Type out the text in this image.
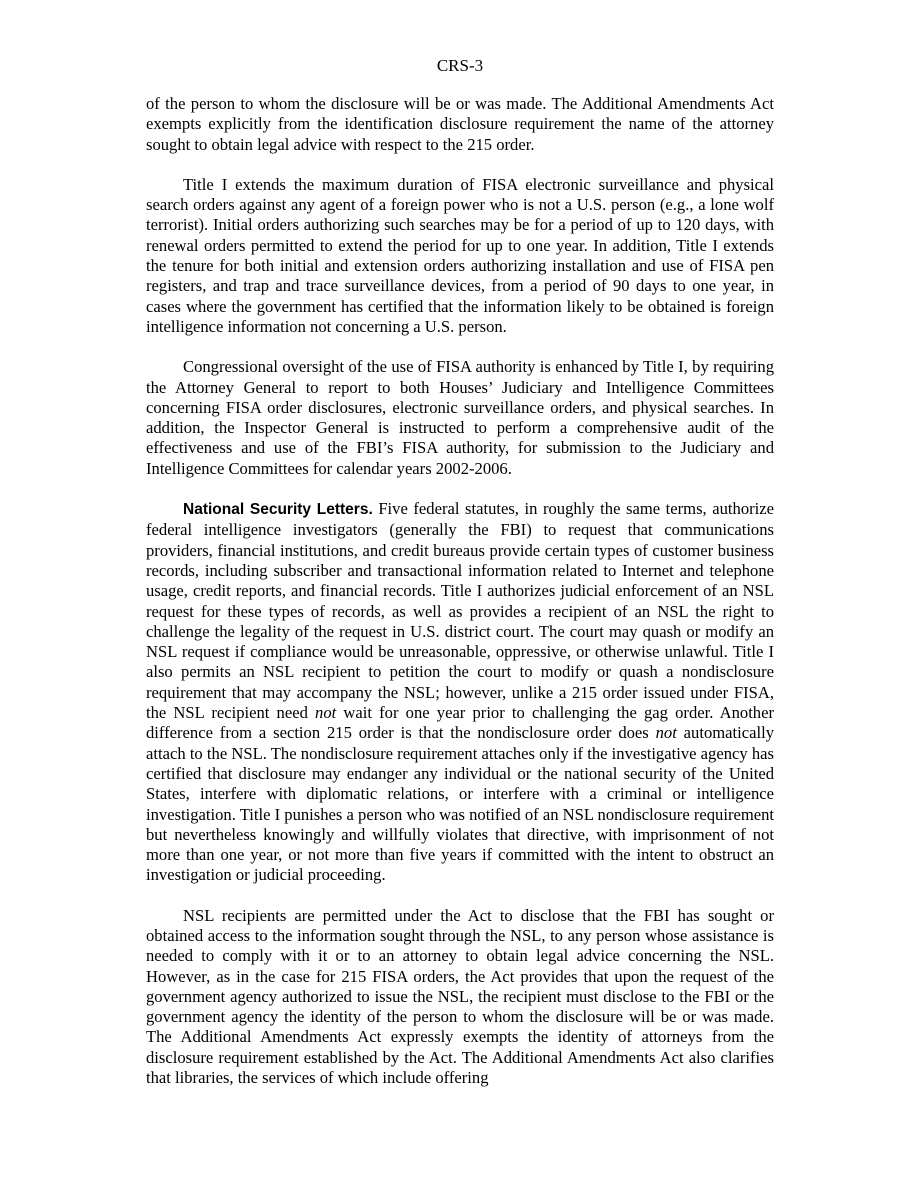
CRS-3

of the person to whom the disclosure will be or was made. The Additional Amendments Act exempts explicitly from the identification disclosure requirement the name of the attorney sought to obtain legal advice with respect to the 215 order.

Title I extends the maximum duration of FISA electronic surveillance and physical search orders against any agent of a foreign power who is not a U.S. person (e.g., a lone wolf terrorist). Initial orders authorizing such searches may be for a period of up to 120 days, with renewal orders permitted to extend the period for up to one year. In addition, Title I extends the tenure for both initial and extension orders authorizing installation and use of FISA pen registers, and trap and trace surveillance devices, from a period of 90 days to one year, in cases where the government has certified that the information likely to be obtained is foreign intelligence information not concerning a U.S. person.

Congressional oversight of the use of FISA authority is enhanced by Title I, by requiring the Attorney General to report to both Houses’ Judiciary and Intelligence Committees concerning FISA order disclosures, electronic surveillance orders, and physical searches. In addition, the Inspector General is instructed to perform a comprehensive audit of the effectiveness and use of the FBI’s FISA authority, for submission to the Judiciary and Intelligence Committees for calendar years 2002-2006.

National Security Letters. Five federal statutes, in roughly the same terms, authorize federal intelligence investigators (generally the FBI) to request that communications providers, financial institutions, and credit bureaus provide certain types of customer business records, including subscriber and transactional information related to Internet and telephone usage, credit reports, and financial records. Title I authorizes judicial enforcement of an NSL request for these types of records, as well as provides a recipient of an NSL the right to challenge the legality of the request in U.S. district court. The court may quash or modify an NSL request if compliance would be unreasonable, oppressive, or otherwise unlawful. Title I also permits an NSL recipient to petition the court to modify or quash a nondisclosure requirement that may accompany the NSL; however, unlike a 215 order issued under FISA, the NSL recipient need not wait for one year prior to challenging the gag order. Another difference from a section 215 order is that the nondisclosure order does not automatically attach to the NSL. The nondisclosure requirement attaches only if the investigative agency has certified that disclosure may endanger any individual or the national security of the United States, interfere with diplomatic relations, or interfere with a criminal or intelligence investigation. Title I punishes a person who was notified of an NSL nondisclosure requirement but nevertheless knowingly and willfully violates that directive, with imprisonment of not more than one year, or not more than five years if committed with the intent to obstruct an investigation or judicial proceeding.

NSL recipients are permitted under the Act to disclose that the FBI has sought or obtained access to the information sought through the NSL, to any person whose assistance is needed to comply with it or to an attorney to obtain legal advice concerning the NSL. However, as in the case for 215 FISA orders, the Act provides that upon the request of the government agency authorized to issue the NSL, the recipient must disclose to the FBI or the government agency the identity of the person to whom the disclosure will be or was made. The Additional Amendments Act expressly exempts the identity of attorneys from the disclosure requirement established by the Act. The Additional Amendments Act also clarifies that libraries, the services of which include offering
